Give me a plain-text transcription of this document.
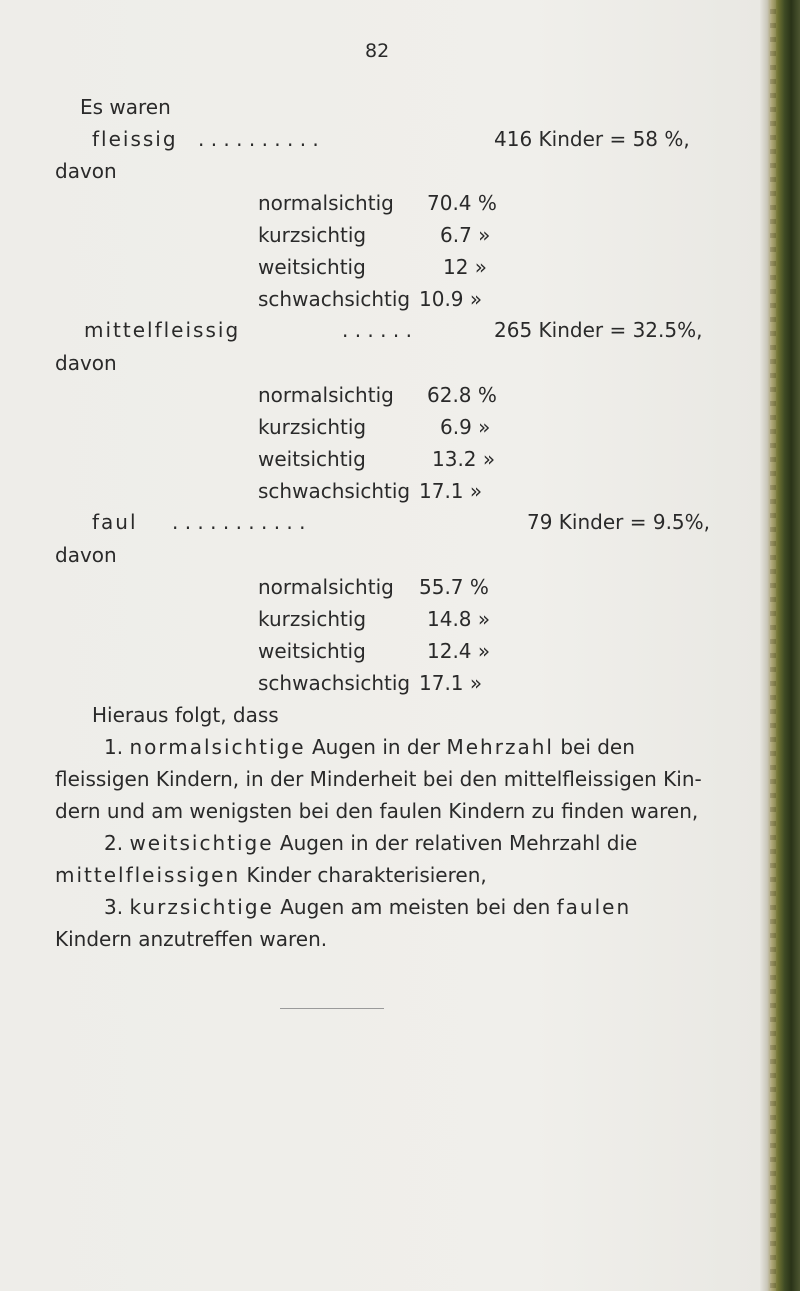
82
Es waren
fleissig . . . . . . . . . .	416 Kinder = 58 %,
davon
normalsichtig 70.4 %
kurzsichtig	6.7 »
weitsichtig	12 »
schwachsichtig 10.9 »
mittelfleissig	. . . . . .	265 Kinder = 32.5%,
davon
normalsichtig 62.8 %
kurzsichtig	6.9 »
weitsichtig	13.2 »
schwachsichtig 17.1 »
faul . . . . . . . . . . .	79 Kinder = 9.5%,
davon
normalsichtig 55.7 %
kurzsichtig	14.8 »
weitsichtig	12.4 »
schwachsichtig 17.1 »
Hieraus folgt, dass
1. normalsichtige Augen in der Mehrzahl bei den
fleissigen Kindern, in der Minderheit bei den mittelfleissigen Kin-
dern und am wenigsten bei den faulen Kindern zu finden waren,
2. weitsichtige Augen in der relativen Mehrzahl die
mittelfleissigen Kinder charakterisieren,
3. kurzsichtige Augen am meisten bei den faulen
Kindern anzutreffen waren.
